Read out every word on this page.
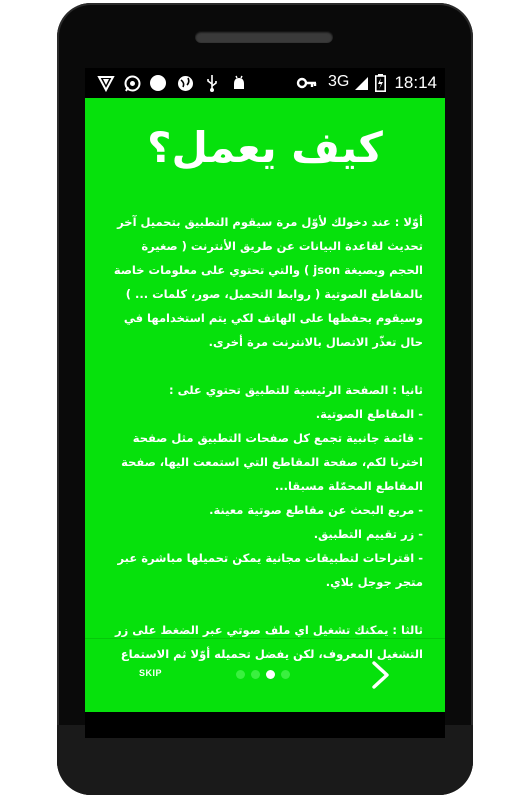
3G	18:14
كيف يعمل؟

أوّلا : عند دخولك لأوّل مرة سيقوم التطبيق بتحميل آخر تحديث لقاعدة البيانات عن طريق الأنترنت ( صغيرة الحجم وبصيغة json ) والتي تحتوي على معلومات خاصة بالمقاطع الصوتية ( روابط التحميل، صور، كلمات ... ) وسيقوم بحفظها على الهاتف لكي يتم استخدامها في حال تعذّر الاتصال بالانترنت مرة أخرى.

ثانيا : الصفحة الرئيسية للتطبيق تحتوي على :

- المقاطع الصوتية.

- قائمة جانبية تجمع كل صفحات التطبيق مثل صفحة اخترنا لكم، صفحة المقاطع التي استمعت اليها، صفحة المقاطع المحمّلة مسبقا...

- مربع البحث عن مقاطع صوتية معينة.

- زر تقييم التطبيق.

- اقتراحات لتطبيقات مجانية يمكن تحميلها مباشرة عبر متجر جوجل بلاي.

ثالثا : يمكنك تشغيل اي ملف صوتي عبر الضغط على زر التشغيل المعروف، لكن يفضل تحميله أوّلا ثم الاستماع

SKIP
